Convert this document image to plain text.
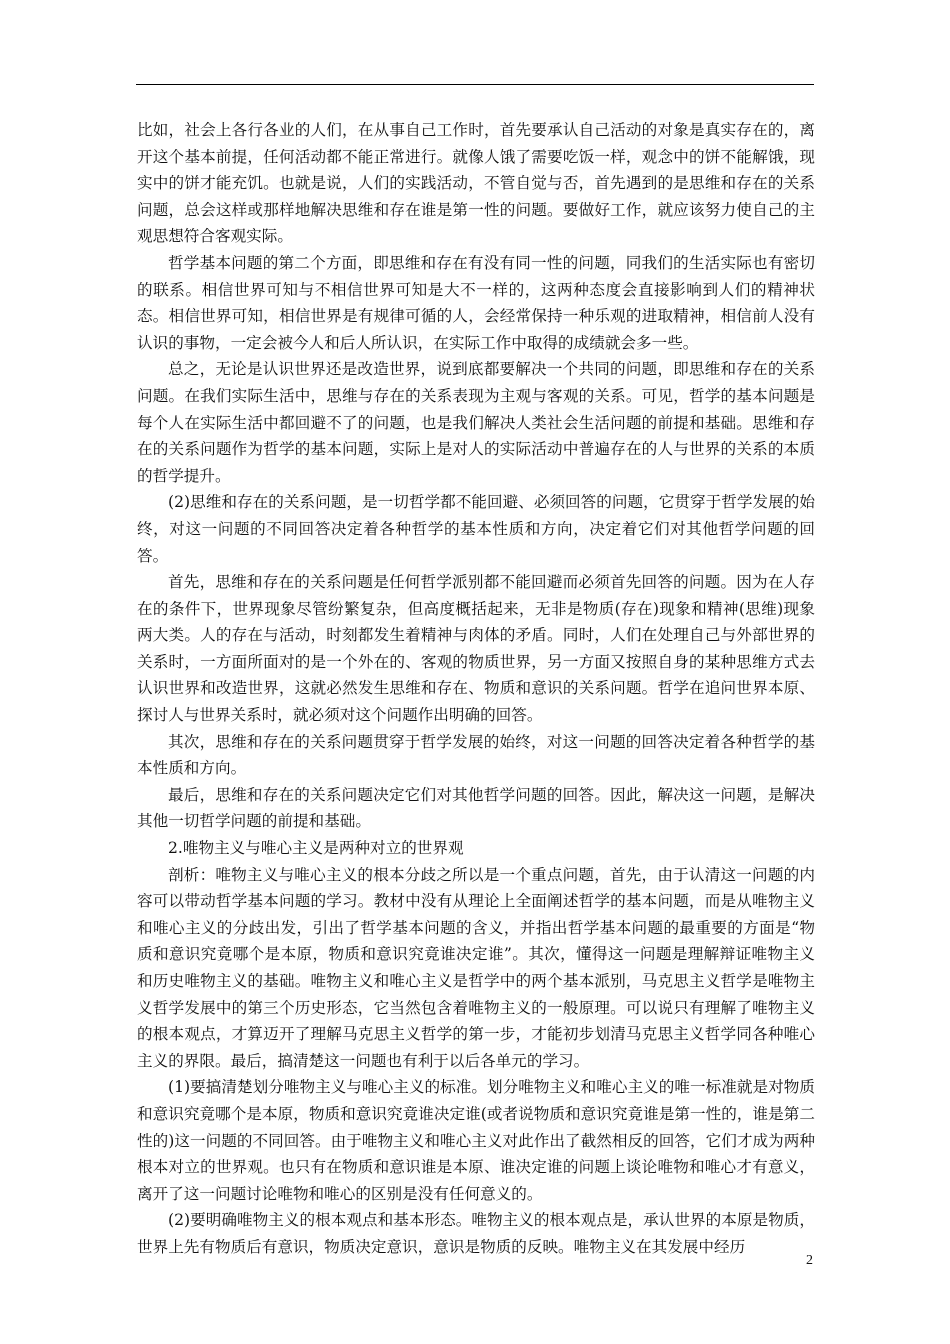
比如，社会上各行各业的人们，在从事自己工作时，首先要承认自己活动的对象是真实存在的，离开这个基本前提，任何活动都不能正常进行。就像人饿了需要吃饭一样，观念中的饼不能解饿，现实中的饼才能充饥。也就是说，人们的实践活动，不管自觉与否，首先遇到的是思维和存在的关系问题，总会这样或那样地解决思维和存在谁是第一性的问题。要做好工作，就应该努力使自己的主观思想符合客观实际。

哲学基本问题的第二个方面，即思维和存在有没有同一性的问题，同我们的生活实际也有密切的联系。相信世界可知与不相信世界可知是大不一样的，这两种态度会直接影响到人们的精神状态。相信世界可知，相信世界是有规律可循的人，会经常保持一种乐观的进取精神，相信前人没有认识的事物，一定会被今人和后人所认识，在实际工作中取得的成绩就会多一些。

总之，无论是认识世界还是改造世界，说到底都要解决一个共同的问题，即思维和存在的关系问题。在我们实际生活中，思维与存在的关系表现为主观与客观的关系。可见，哲学的基本问题是每个人在实际生活中都回避不了的问题，也是我们解决人类社会生活问题的前提和基础。思维和存在的关系问题作为哲学的基本问题，实际上是对人的实际活动中普遍存在的人与世界的关系的本质的哲学提升。

(2)思维和存在的关系问题，是一切哲学都不能回避、必须回答的问题，它贯穿于哲学发展的始终，对这一问题的不同回答决定着各种哲学的基本性质和方向，决定着它们对其他哲学问题的回答。

首先，思维和存在的关系问题是任何哲学派别都不能回避而必须首先回答的问题。因为在人存在的条件下，世界现象尽管纷繁复杂，但高度概括起来，无非是物质(存在)现象和精神(思维)现象两大类。人的存在与活动，时刻都发生着精神与肉体的矛盾。同时，人们在处理自己与外部世界的关系时，一方面所面对的是一个外在的、客观的物质世界，另一方面又按照自身的某种思维方式去认识世界和改造世界，这就必然发生思维和存在、物质和意识的关系问题。哲学在追问世界本原、探讨人与世界关系时，就必须对这个问题作出明确的回答。

其次，思维和存在的关系问题贯穿于哲学发展的始终，对这一问题的回答决定着各种哲学的基本性质和方向。

最后，思维和存在的关系问题决定它们对其他哲学问题的回答。因此，解决这一问题，是解决其他一切哲学问题的前提和基础。

2.唯物主义与唯心主义是两种对立的世界观

剖析：唯物主义与唯心主义的根本分歧之所以是一个重点问题，首先，由于认清这一问题的内容可以带动哲学基本问题的学习。教材中没有从理论上全面阐述哲学的基本问题，而是从唯物主义和唯心主义的分歧出发，引出了哲学基本问题的含义，并指出哲学基本问题的最重要的方面是“物质和意识究竟哪个是本原，物质和意识究竟谁决定谁”。其次，懂得这一问题是理解辩证唯物主义和历史唯物主义的基础。唯物主义和唯心主义是哲学中的两个基本派别，马克思主义哲学是唯物主义哲学发展中的第三个历史形态，它当然包含着唯物主义的一般原理。可以说只有理解了唯物主义的根本观点，才算迈开了理解马克思主义哲学的第一步，才能初步划清马克思主义哲学同各种唯心主义的界限。最后，搞清楚这一问题也有利于以后各单元的学习。

(1)要搞清楚划分唯物主义与唯心主义的标准。划分唯物主义和唯心主义的唯一标准就是对物质和意识究竟哪个是本原，物质和意识究竟谁决定谁(或者说物质和意识究竟谁是第一性的，谁是第二性的)这一问题的不同回答。由于唯物主义和唯心主义对此作出了截然相反的回答，它们才成为两种根本对立的世界观。也只有在物质和意识谁是本原、谁决定谁的问题上谈论唯物和唯心才有意义，离开了这一问题讨论唯物和唯心的区别是没有任何意义的。

(2)要明确唯物主义的根本观点和基本形态。唯物主义的根本观点是，承认世界的本原是物质，世界上先有物质后有意识，物质决定意识，意识是物质的反映。唯物主义在其发展中经历

2
